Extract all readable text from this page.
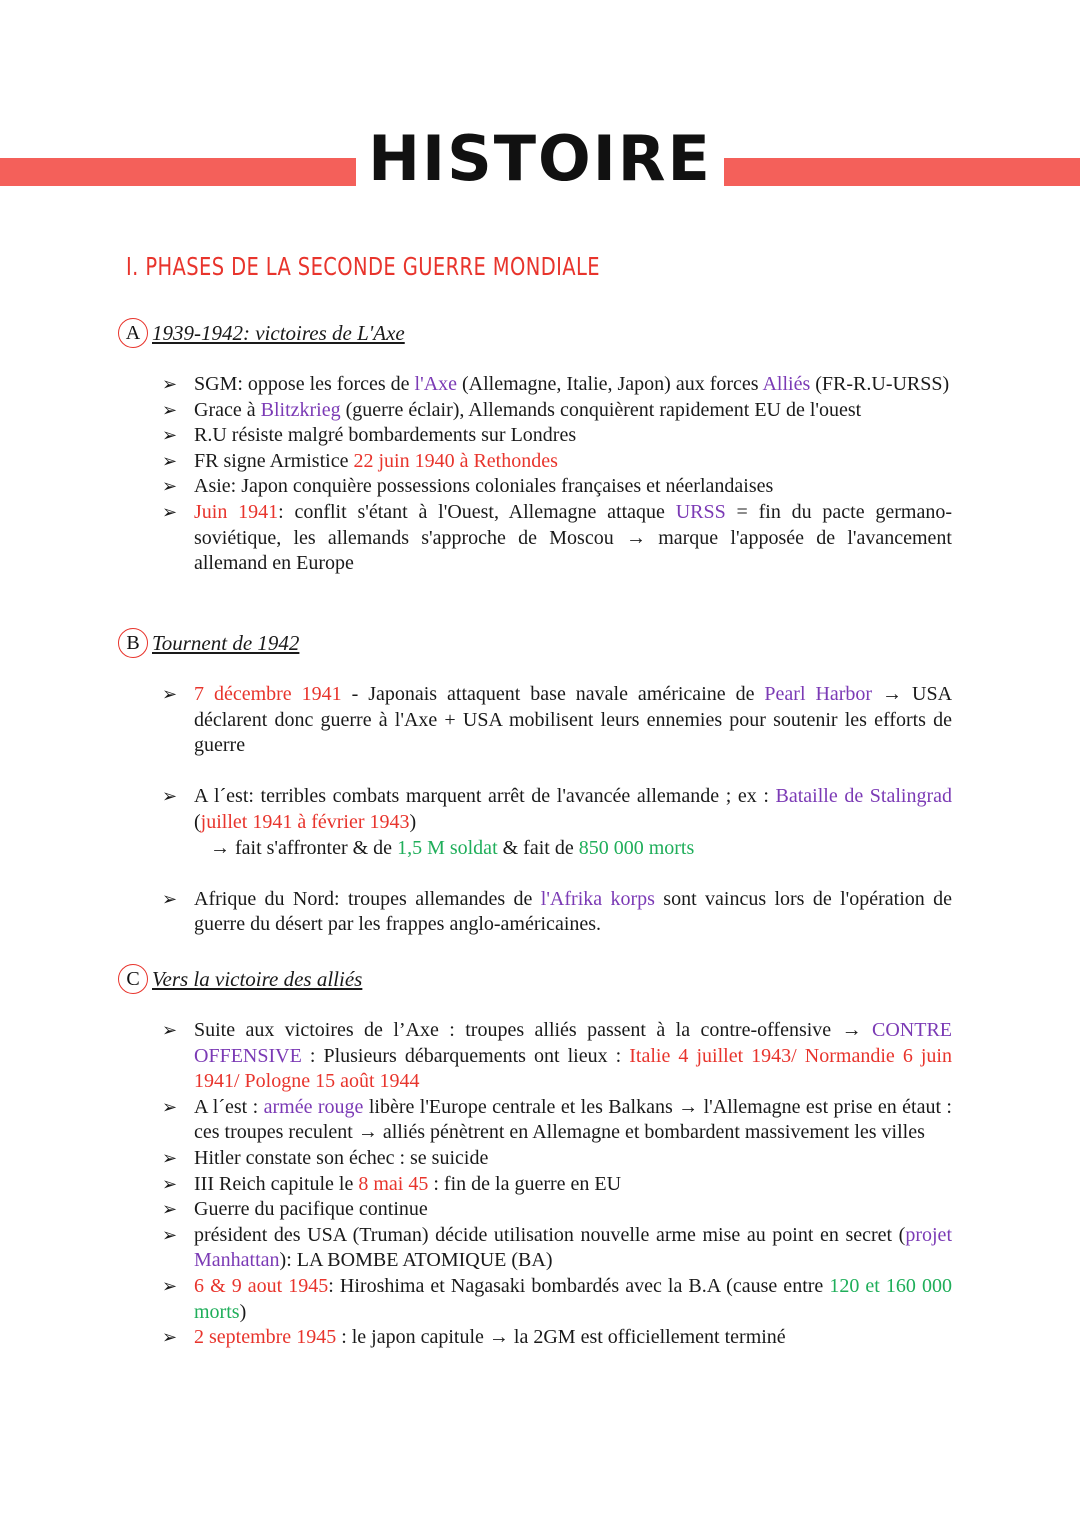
HISTOIRE
I. PHASES DE LA SECONDE GUERRE MONDIALE
A 1939-1942: victoires de L'Axe
➢ SGM: oppose les forces de l'Axe (Allemagne, Italie, Japon) aux forces Alliés (FR-R.U-URSS)
➢ Grace à Blitzkrieg (guerre éclair), Allemands conquièrent rapidement EU de l'ouest
➢ R.U résiste malgré bombardements sur Londres
➢ FR signe Armistice 22 juin 1940 à Rethondes
➢ Asie: Japon conquière possessions coloniales françaises et néerlandaises
➢ Juin 1941: conflit s'étant à l'Ouest, Allemagne attaque URSS = fin du pacte germano-soviétique, les allemands s'approche de Moscou → marque l'apposée de l'avancement allemand en Europe
B Tournent de 1942
➢ 7 décembre 1941 - Japonais attaquent base navale américaine de Pearl Harbor → USA déclarent donc guerre à l'Axe + USA mobilisent leurs ennemies pour soutenir les efforts de guerre
➢ A l´est: terribles combats marquent arrêt de l'avancée allemande ; ex : Bataille de Stalingrad (juillet 1941 à février 1943)
→ fait s'affronter & de 1,5 M soldat & fait de 850 000 morts
➢ Afrique du Nord: troupes allemandes de l'Afrika korps sont vaincus lors de l'opération de guerre du désert par les frappes anglo-américaines.
C Vers la victoire des alliés
➢ Suite aux victoires de l’Axe : troupes alliés passent à la contre-offensive → CONTRE OFFENSIVE : Plusieurs débarquements ont lieux : Italie 4 juillet 1943/ Normandie 6 juin 1941/ Pologne 15 août 1944
➢ A l´est : armée rouge libère l'Europe centrale et les Balkans → l'Allemagne est prise en étaut : ces troupes reculent → alliés pénètrent en Allemagne et bombardent massivement les villes
➢ Hitler constate son échec : se suicide
➢ III Reich capitule le 8 mai 45 : fin de la guerre en EU
➢ Guerre du pacifique continue
➢ président des USA (Truman) décide utilisation nouvelle arme mise au point en secret (projet Manhattan): LA BOMBE ATOMIQUE (BA)
➢ 6 & 9 aout 1945: Hiroshima et Nagasaki bombardés avec la B.A (cause entre 120 et 160 000 morts)
➢ 2 septembre 1945 : le japon capitule → la 2GM est officiellement terminé
